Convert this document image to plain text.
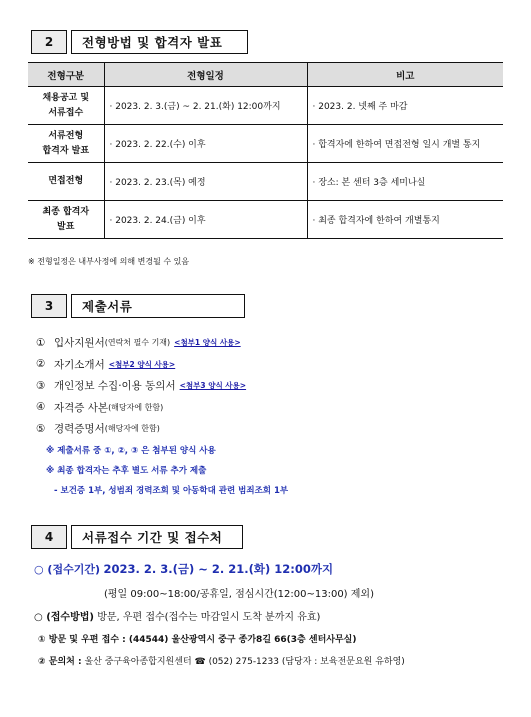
2	전형방법 및 합격자 발표
전형구분	전형일정	비고
채용공고 및
서류접수	· 2023. 2. 3.(금) ~ 2. 21.(화) 12:00까지	· 2023. 2. 넷째 주 마감
서류전형
합격자 발표	· 2023. 2. 22.(수) 이후	· 합격자에 한하여 면접전형 일시 개별 통지
면접전형	· 2023. 2. 23.(목) 예정	· 장소: 본 센터 3층 세미나실
최종 합격자
발표	· 2023. 2. 24.(금) 이후	· 최종 합격자에 한하여 개별통지
※ 전형일정은 내부사정에 의해 변경될 수 있음
3	제출서류
① 입사지원서 (연락처 필수 기재) <첨부1 양식 사용>
② 자기소개서 <첨부2 양식 사용>
③ 개인정보 수집·이용 동의서 <첨부3 양식 사용>
④ 자격증 사본 (해당자에 한함)
⑤ 경력증명서 (해당자에 한함)
※ 제출서류 중 ①, ②, ③ 은 첨부된 양식 사용
※ 최종 합격자는 추후 별도 서류 추가 제출
- 보건증 1부, 성범죄 경력조회 및 아동학대 관련 범죄조회 1부
4	서류접수 기간 및 접수처
○ (접수기간) 2023. 2. 3.(금) ~ 2. 21.(화) 12:00까지
(평일 09:00~18:00/공휴일, 점심시간(12:00~13:00) 제외)
○ (접수방법) 방문, 우편 접수(접수는 마감일시 도착 분까지 유효)
① 방문 및 우편 접수 : (44544) 울산광역시 중구 종가8길 66(3층 센터사무실)
② 문의처 : 울산 중구육아종합지원센터 ☎ (052) 275-1233 (담당자 : 보육전문요원 유하영)
